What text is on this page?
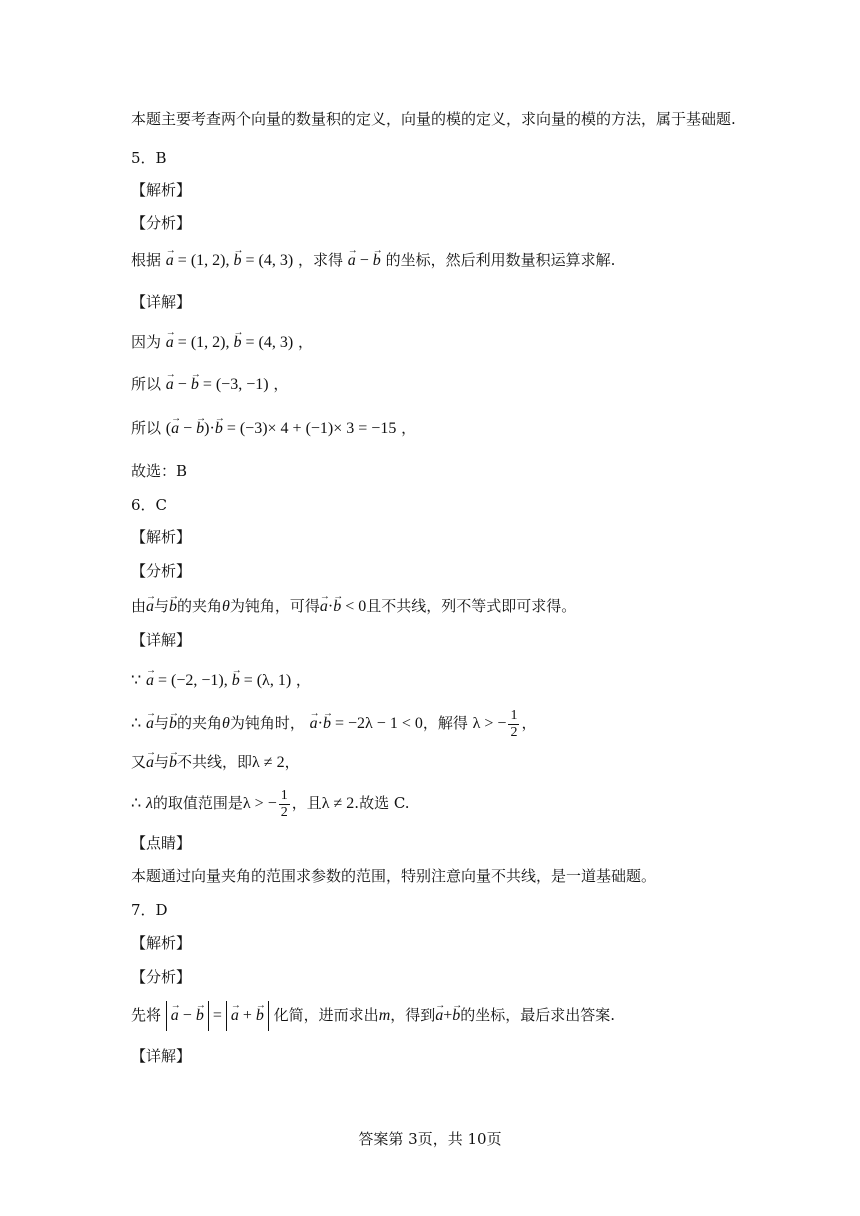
本题主要考查两个向量的数量积的定义，向量的模的定义，求向量的模的方法，属于基础题.
5．B
【解析】
【分析】
根据 → a = (1, 2), → b = (4, 3) ，求得 → a − → b 的坐标，然后利用数量积运算求解.
【详解】
因为 → a = (1, 2), → b = (4, 3) ，
所以 → a − → b = (−3, −1) ，
所以 (→ a − → b)·→ b = (−3)× 4 + (−1)× 3 = −15 ，
故选：B
6．C
【解析】
【分析】
由→ a与→ b的夹角θ为钝角，可得→ a·→ b < 0且不共线，列不等式即可求得。
【详解】
∵ → a = (−2, −1), → b = (λ, 1) ，
∴ → a与→ b的夹角θ为钝角时， → a·→ b = −2λ − 1 < 0，解得 λ > − $\frac{1}{2}$ ，
又→ a与→ b不共线，即λ ≠ 2，
∴ λ的取值范围是λ > − $\frac{1}{2}$ ，且λ ≠ 2.故选 C.
【点睛】
本题通过向量夹角的范围求参数的范围，特别注意向量不共线，是一道基础题。
7．D
【解析】
【分析】
先将 → a − → b = → a + → b 化简，进而求出m，得到→ a+→ b的坐标，最后求出答案.
【详解】
答案第 3页，共 10页
